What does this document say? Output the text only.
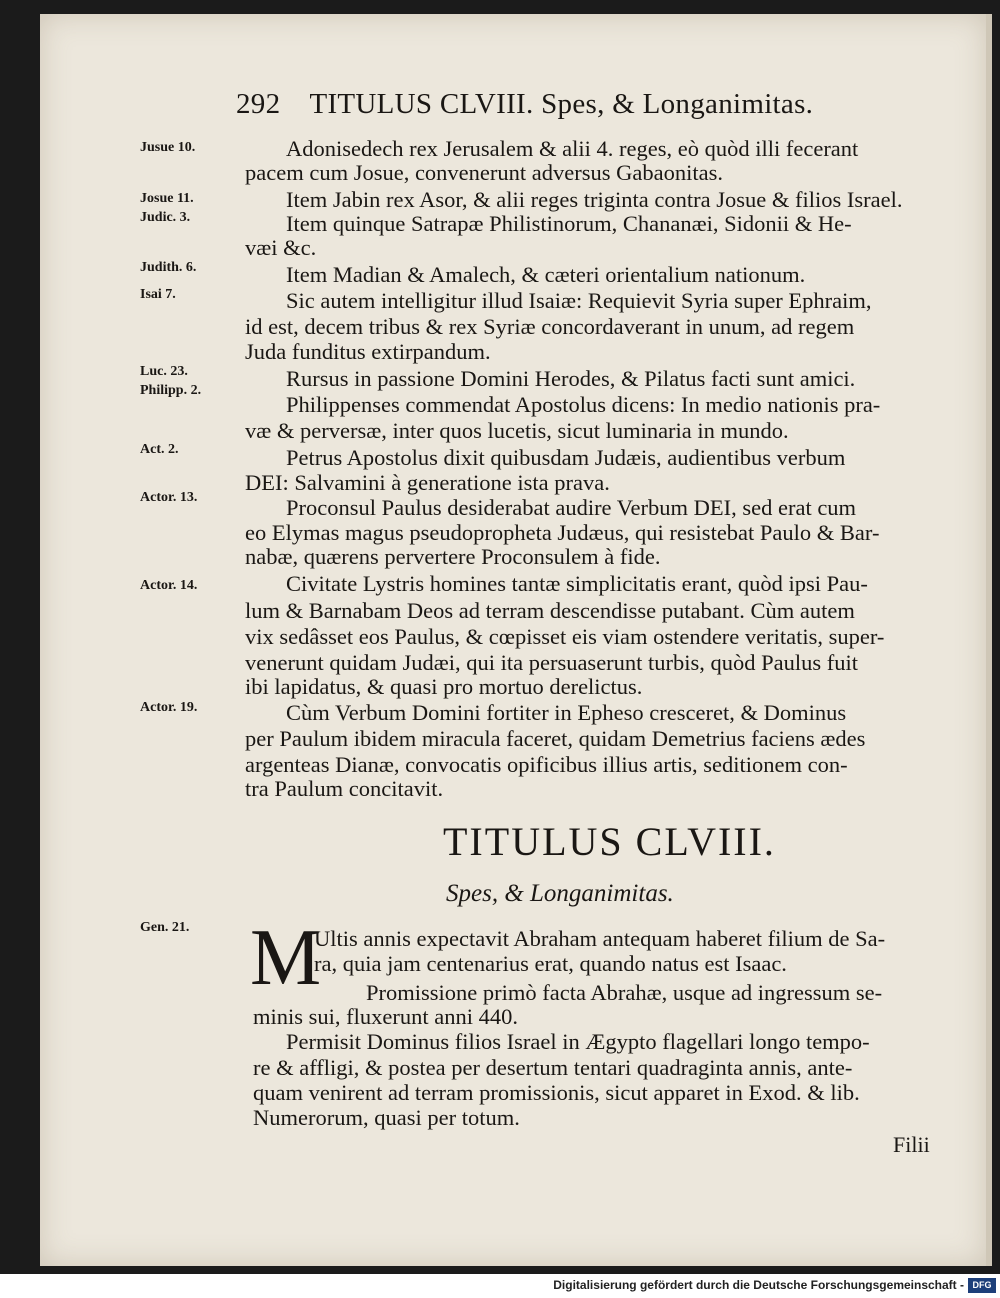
292 TITULUS CLVIII. Spes, & Longanimitas.
Jusue 10.
Josue 11.
Judic. 3.
Judith. 6.
Isai 7.
Luc. 23.
Philipp. 2.
Act. 2.
Actor. 13.
Actor. 14.
Actor. 19.
Gen. 21.
Adonisedech rex Jerusalem & alii 4. reges, eò quòd illi fecerant
pacem cum Josue, convenerunt adversus Gabaonitas.
Item Jabin rex Asor, & alii reges triginta contra Josue & filios Israel.
Item quinque Satrapæ Philistinorum, Chananæi, Sidonii & He-
væi &c.
Item Madian & Amalech, & cæteri orientalium nationum.
Sic autem intelligitur illud Isaiæ: Requievit Syria super Ephraim,
id est, decem tribus & rex Syriæ concordaverant in unum, ad regem
Juda funditus extirpandum.
Rursus in passione Domini Herodes, & Pilatus facti sunt amici.
Philippenses commendat Apostolus dicens: In medio nationis pra-
væ & perversæ, inter quos lucetis, sicut luminaria in mundo.
Petrus Apostolus dixit quibusdam Judæis, audientibus verbum
DEI: Salvamini à generatione ista prava.
Proconsul Paulus desiderabat audire Verbum DEI, sed erat cum
eo Elymas magus pseudopropheta Judæus, qui resistebat Paulo & Bar-
nabæ, quærens pervertere Proconsulem à fide.
Civitate Lystris homines tantæ simplicitatis erant, quòd ipsi Pau-
lum & Barnabam Deos ad terram descendisse putabant. Cùm autem
vix sedâsset eos Paulus, & cœpisset eis viam ostendere veritatis, super-
venerunt quidam Judæi, qui ita persuaserunt turbis, quòd Paulus fuit
ibi lapidatus, & quasi pro mortuo derelictus.
Cùm Verbum Domini fortiter in Epheso cresceret, & Dominus
per Paulum ibidem miracula faceret, quidam Demetrius faciens ædes
argenteas Dianæ, convocatis opificibus illius artis, seditionem con-
tra Paulum concitavit.
TITULUS CLVIII.
Spes, & Longanimitas.
M
Ultis annis expectavit Abraham antequam haberet filium de Sa-
ra, quia jam centenarius erat, quando natus est Isaac.
Promissione primò facta Abrahæ, usque ad ingressum se-
minis sui, fluxerunt anni 440.
Permisit Dominus filios Israel in Ægypto flagellari longo tempo-
re & affligi, & postea per desertum tentari quadraginta annis, ante-
quam venirent ad terram promissionis, sicut apparet in Exod. & lib.
Numerorum, quasi per totum.
Filii
Digitalisierung gefördert durch die Deutsche Forschungsgemeinschaft - DFG
